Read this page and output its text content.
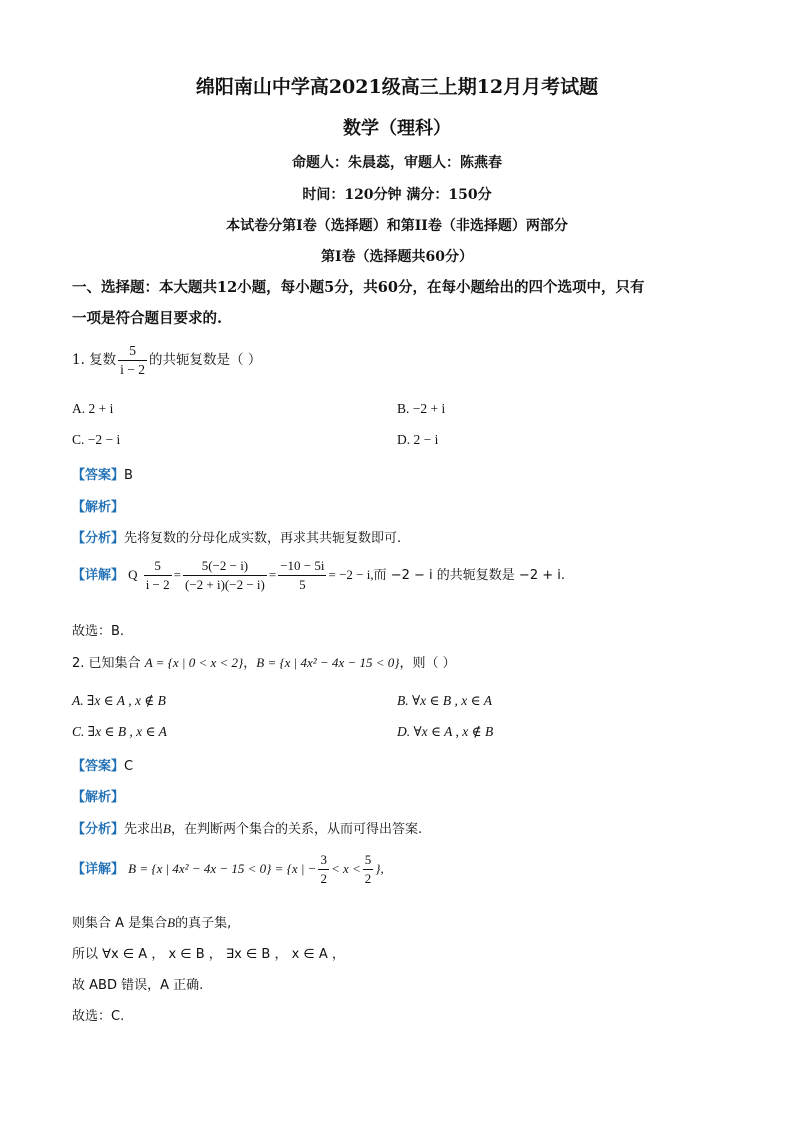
绵阳南山中学高2021级高三上期12月月考试题
数学（理科）
命题人：朱晨蕊，审题人：陈燕春
时间：120分钟 满分：150分
本试卷分第I卷（选择题）和第II卷（非选择题）两部分
第I卷（选择题共60分）
一、选择题：本大题共12小题，每小题5分，共60分，在每小题给出的四个选项中，只有
一项是符合题目要求的.
1. 复数 $\frac{5}{i - 2}$ 的共轭复数是（ ）
A. 2 + i	B. −2 + i
C. −2 − i	D. 2 − i
【答案】B
【解析】
【分析】先将复数的分母化成实数，再求其共轭复数即可.
【详解】 Q $\frac{5}{i - 2} = \frac{5(-2 - i)}{(-2 + i)(-2 - i)} = \frac{-10 - 5i}{5} = -2 - i$,而 −2 − i 的共轭复数是 −2 + i.
故选：B.
2. 已知集合 A = {x | 0 < x < 2}，B = {x | 4x² − 4x − 15 < 0}，则（ ）
A. ∃x ∈ A , x ∉ B	B. ∀x ∈ B , x ∈ A
C. ∃x ∈ B , x ∈ A	D. ∀x ∈ A , x ∉ B
【答案】C
【解析】
【分析】先求出B，在判断两个集合的关系，从而可得出答案.
【详解】 B = {x | 4x² − 4x − 15 < 0} = {x | − $\frac{3}{2} < x < \frac{5}{2}$ },
则集合 A 是集合B的真子集,
所以 ∀x ∈ A ， x ∈ B ， ∃x ∈ B ， x ∈ A ，
故 ABD 错误，A 正确.
故选：C.
